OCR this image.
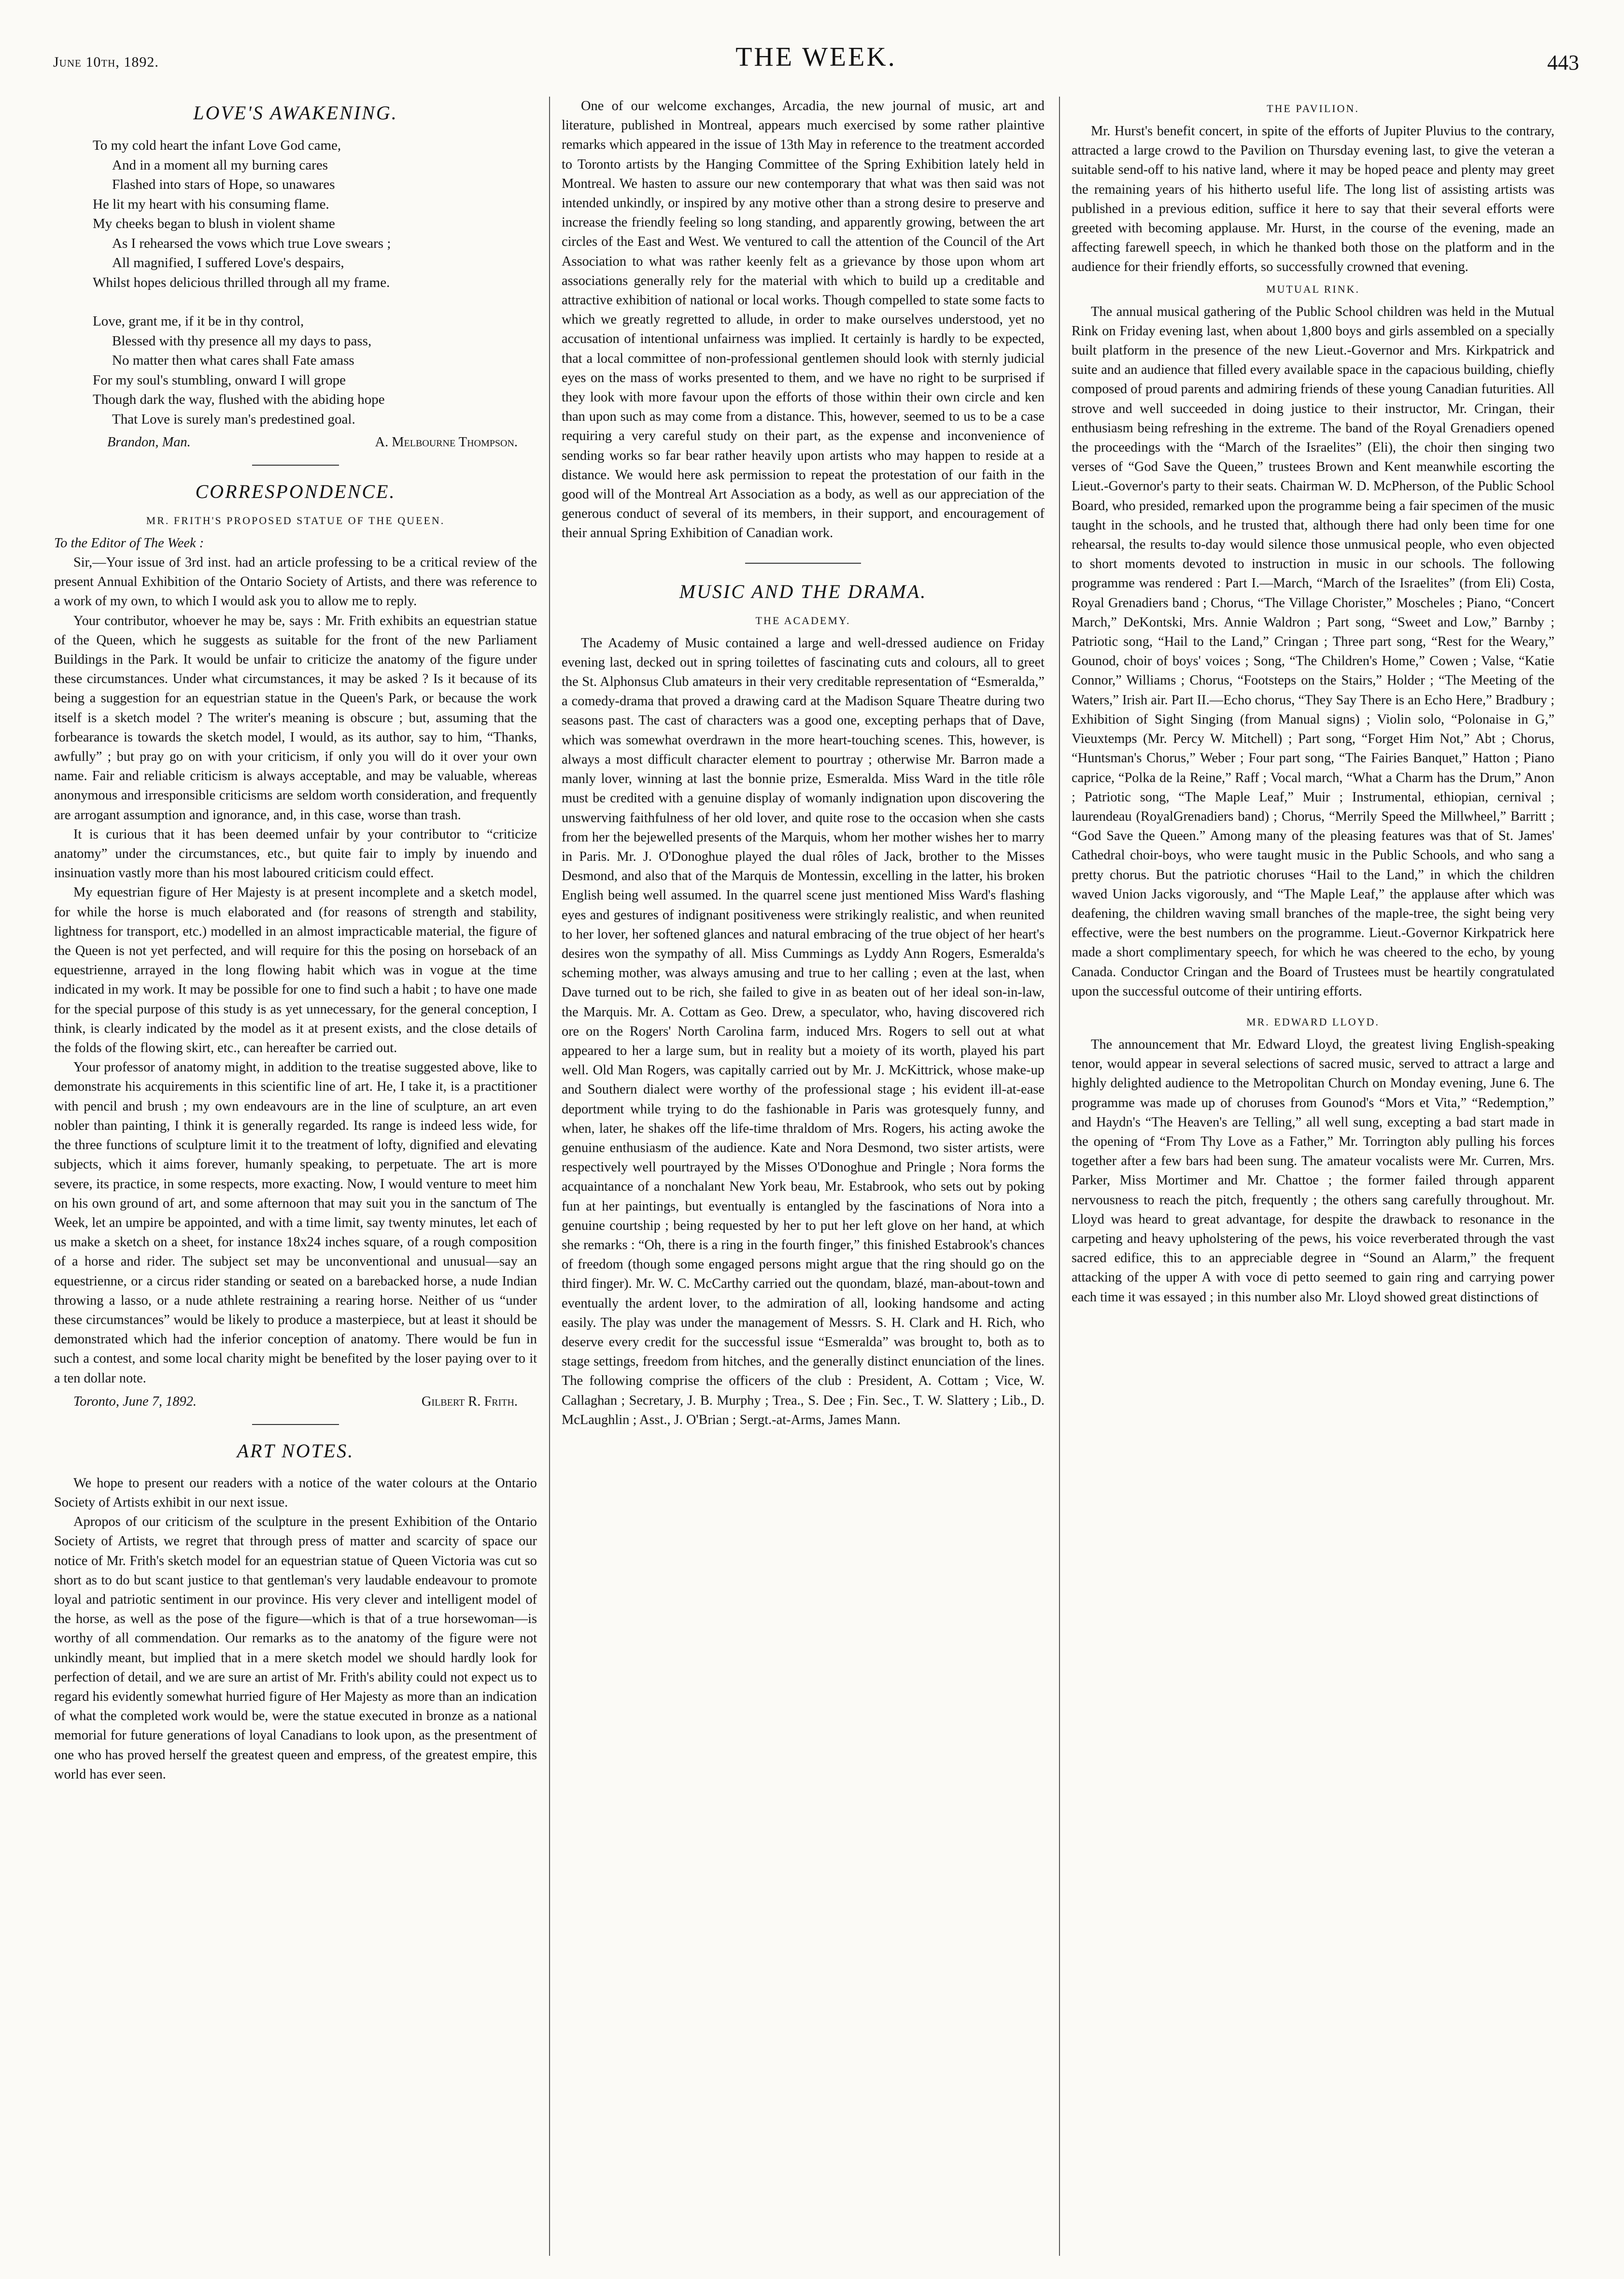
June 10th, 1892.	THE WEEK.	443
LOVE'S AWAKENING.
To my cold heart the infant Love God came,
And in a moment all my burning cares
Flashed into stars of Hope, so unawares
He lit my heart with his consuming flame.
My cheeks began to blush in violent shame
As I rehearsed the vows which true Love swears ;
All magnified, I suffered Love's despairs,
Whilst hopes delicious thrilled through all my frame.
Love, grant me, if it be in thy control,
Blessed with thy presence all my days to pass,
No matter then what cares shall Fate amass
For my soul's stumbling, onward I will grope
Though dark the way, flushed with the abiding hope
That Love is surely man's predestined goal.
Brandon, Man.	A. Melbourne Thompson.
CORRESPONDENCE.
MR. FRITH'S PROPOSED STATUE OF THE QUEEN.
To the Editor of The Week :

Sir,—Your issue of 3rd inst. had an article professing to be a critical review of the present Annual Exhibition of the Ontario Society of Artists, and there was reference to a work of my own, to which I would ask you to allow me to reply.

Your contributor, whoever he may be, says : Mr. Frith exhibits an equestrian statue of the Queen, which he suggests as suitable for the front of the new Parliament Buildings in the Park. It would be unfair to criticize the anatomy of the figure under these circumstances. Under what circumstances, it may be asked ? Is it because of its being a suggestion for an equestrian statue in the Queen's Park, or because the work itself is a sketch model ? The writer's meaning is obscure ; but, assuming that the forbearance is towards the sketch model, I would, as its author, say to him, “Thanks, awfully” ; but pray go on with your criticism, if only you will do it over your own name. Fair and reliable criticism is always acceptable, and may be valuable, whereas anonymous and irresponsible criticisms are seldom worth consideration, and frequently are arrogant assumption and ignorance, and, in this case, worse than trash.

It is curious that it has been deemed unfair by your contributor to “criticize anatomy” under the circumstances, etc., but quite fair to imply by inuendo and insinuation vastly more than his most laboured criticism could effect.

My equestrian figure of Her Majesty is at present incomplete and a sketch model, for while the horse is much elaborated and (for reasons of strength and stability, lightness for transport, etc.) modelled in an almost impracticable material, the figure of the Queen is not yet perfected, and will require for this the posing on horseback of an equestrienne, arrayed in the long flowing habit which was in vogue at the time indicated in my work. It may be possible for one to find such a habit ; to have one made for the special purpose of this study is as yet unnecessary, for the general conception, I think, is clearly indicated by the model as it at present exists, and the close details of the folds of the flowing skirt, etc., can hereafter be carried out.

Your professor of anatomy might, in addition to the treatise suggested above, like to demonstrate his acquirements in this scientific line of art. He, I take it, is a practitioner with pencil and brush ; my own endeavours are in the line of sculpture, an art even nobler than painting, I think it is generally regarded. Its range is indeed less wide, for the three functions of sculpture limit it to the treatment of lofty, dignified and elevating subjects, which it aims forever, humanly speaking, to perpetuate. The art is more severe, its practice, in some respects, more exacting. Now, I would venture to meet him on his own ground of art, and some afternoon that may suit you in the sanctum of The Week, let an umpire be appointed, and with a time limit, say twenty minutes, let each of us make a sketch on a sheet, for instance 18x24 inches square, of a rough composition of a horse and rider. The subject set may be unconventional and unusual—say an equestrienne, or a circus rider standing or seated on a barebacked horse, a nude Indian throwing a lasso, or a nude athlete restraining a rearing horse. Neither of us “under these circumstances” would be likely to produce a masterpiece, but at least it should be demonstrated which had the inferior conception of anatomy. There would be fun in such a contest, and some local charity might be benefited by the loser paying over to it a ten dollar note.

Toronto, June 7, 1892.	Gilbert R. Frith.
ART NOTES.

We hope to present our readers with a notice of the water colours at the Ontario Society of Artists exhibit in our next issue.

Apropos of our criticism of the sculpture in the present Exhibition of the Ontario Society of Artists, we regret that through press of matter and scarcity of space our notice of Mr. Frith's sketch model for an equestrian statue of Queen Victoria was cut so short as to do but scant justice to that gentleman's very laudable endeavour to promote loyal and patriotic sentiment in our province. His very clever and intelligent model of the horse, as well as the pose of the figure—which is that of a true horsewoman—is worthy of all commendation. Our remarks as to the anatomy of the figure were not unkindly meant, but implied that in a mere sketch model we should hardly look for perfection of detail, and we are sure an artist of Mr. Frith's ability could not expect us to regard his evidently somewhat hurried figure of Her Majesty as more than an indication of what the completed work would be, were the statue executed in bronze as a national memorial for future generations of loyal Canadians to look upon, as the presentment of one who has proved herself the greatest queen and empress, of the greatest empire, this world has ever seen.

One of our welcome exchanges, Arcadia, the new journal of music, art and literature, published in Montreal, appears much exercised by some rather plaintive remarks which appeared in the issue of 13th May in reference to the treatment accorded to Toronto artists by the Hanging Committee of the Spring Exhibition lately held in Montreal. We hasten to assure our new contemporary that what was then said was not intended unkindly, or inspired by any motive other than a strong desire to preserve and increase the friendly feeling so long standing, and apparently growing, between the art circles of the East and West. We ventured to call the attention of the Council of the Art Association to what was rather keenly felt as a grievance by those upon whom art associations generally rely for the material with which to build up a creditable and attractive exhibition of national or local works. Though compelled to state some facts to which we greatly regretted to allude, in order to make ourselves understood, yet no accusation of intentional unfairness was implied. It certainly is hardly to be expected, that a local committee of non-professional gentlemen should look with sternly judicial eyes on the mass of works presented to them, and we have no right to be surprised if they look with more favour upon the efforts of those within their own circle and ken than upon such as may come from a distance. This, however, seemed to us to be a case requiring a very careful study on their part, as the expense and inconvenience of sending works so far bear rather heavily upon artists who may happen to reside at a distance. We would here ask permission to repeat the protestation of our faith in the good will of the Montreal Art Association as a body, as well as our appreciation of the generous conduct of several of its members, in their support, and encouragement of their annual Spring Exhibition of Canadian work.

MUSIC AND THE DRAMA.
THE ACADEMY.

The Academy of Music contained a large and well-dressed audience on Friday evening last, decked out in spring toilettes of fascinating cuts and colours, all to greet the St. Alphonsus Club amateurs in their very creditable representation of “Esmeralda,” a comedy-drama that proved a drawing card at the Madison Square Theatre during two seasons past. The cast of characters was a good one, excepting perhaps that of Dave, which was somewhat overdrawn in the more heart-touching scenes. This, however, is always a most difficult character element to pourtray ; otherwise Mr. Barron made a manly lover, winning at last the bonnie prize, Esmeralda. Miss Ward in the title rôle must be credited with a genuine display of womanly indignation upon discovering the unswerving faithfulness of her old lover, and quite rose to the occasion when she casts from her the bejewelled presents of the Marquis, whom her mother wishes her to marry in Paris. Mr. J. O'Donoghue played the dual rôles of Jack, brother to the Misses Desmond, and also that of the Marquis de Montessin, excelling in the latter, his broken English being well assumed. In the quarrel scene just mentioned Miss Ward's flashing eyes and gestures of indignant positiveness were strikingly realistic, and when reunited to her lover, her softened glances and natural embracing of the true object of her heart's desires won the sympathy of all. Miss Cummings as Lyddy Ann Rogers, Esmeralda's scheming mother, was always amusing and true to her calling ; even at the last, when Dave turned out to be rich, she failed to give in as beaten out of her ideal son-in-law, the Marquis. Mr. A. Cottam as Geo. Drew, a speculator, who, having discovered rich ore on the Rogers' North Carolina farm, induced Mrs. Rogers to sell out at what appeared to her a large sum, but in reality but a moiety of its worth, played his part well. Old Man Rogers, was capitally carried out by Mr. J. McKittrick, whose make-up and Southern dialect were worthy of the professional stage ; his evident ill-at-ease deportment while trying to do the fashionable in Paris was grotesquely funny, and when, later, he shakes off the life-time thraldom of Mrs. Rogers, his acting awoke the genuine enthusiasm of the audience. Kate and Nora Desmond, two sister artists, were respectively well pourtrayed by the Misses O'Donoghue and Pringle ; Nora forms the acquaintance of a nonchalant New York beau, Mr. Estabrook, who sets out by poking fun at her paintings, but eventually is entangled by the fascinations of Nora into a genuine courtship ; being requested by her to put her left glove on her hand, at which she remarks : “Oh, there is a ring in the fourth finger,” this finished Estabrook's chances of freedom (though some engaged persons might argue that the ring should go on the third finger). Mr. W. C. McCarthy carried out the quondam, blazé, man-about-town and eventually the ardent lover, to the admiration of all, looking handsome and acting easily. The play was under the management of Messrs. S. H. Clark and H. Rich, who deserve every credit for the successful issue “Esmeralda” was brought to, both as to stage settings, freedom from hitches, and the generally distinct enunciation of the lines. The following comprise the officers of the club : President, A. Cottam ; Vice, W. Callaghan ; Secretary, J. B. Murphy ; Trea., S. Dee ; Fin. Sec., T. W. Slattery ; Lib., D. McLaughlin ; Asst., J. O'Brian ; Sergt.-at-Arms, James Mann.

THE PAVILION.

Mr. Hurst's benefit concert, in spite of the efforts of Jupiter Pluvius to the contrary, attracted a large crowd to the Pavilion on Thursday evening last, to give the veteran a suitable send-off to his native land, where it may be hoped peace and plenty may greet the remaining years of his hitherto useful life. The long list of assisting artists was published in a previous edition, suffice it here to say that their several efforts were greeted with becoming applause. Mr. Hurst, in the course of the evening, made an affecting farewell speech, in which he thanked both those on the platform and in the audience for their friendly efforts, so successfully crowned that evening.

MUTUAL RINK.

The annual musical gathering of the Public School children was held in the Mutual Rink on Friday evening last, when about 1,800 boys and girls assembled on a specially built platform in the presence of the new Lieut.-Governor and Mrs. Kirkpatrick and suite and an audience that filled every available space in the capacious building, chiefly composed of proud parents and admiring friends of these young Canadian futurities. All strove and well succeeded in doing justice to their instructor, Mr. Cringan, their enthusiasm being refreshing in the extreme. The band of the Royal Grenadiers opened the proceedings with the “March of the Israelites” (Eli), the choir then singing two verses of “God Save the Queen,” trustees Brown and Kent meanwhile escorting the Lieut.-Governor's party to their seats. Chairman W. D. McPherson, of the Public School Board, who presided, remarked upon the programme being a fair specimen of the music taught in the schools, and he trusted that, although there had only been time for one rehearsal, the results to-day would silence those unmusical people, who even objected to short moments devoted to instruction in music in our schools. The following programme was rendered : Part I.—March, “March of the Israelites” (from Eli) Costa, Royal Grenadiers band ; Chorus, “The Village Chorister,” Moscheles ; Piano, “Concert March,” DeKontski, Mrs. Annie Waldron ; Part song, “Sweet and Low,” Barnby ; Patriotic song, “Hail to the Land,” Cringan ; Three part song, “Rest for the Weary,” Gounod, choir of boys' voices ; Song, “The Children's Home,” Cowen ; Valse, “Katie Connor,” Williams ; Chorus, “Footsteps on the Stairs,” Holder ; “The Meeting of the Waters,” Irish air. Part II.—Echo chorus, “They Say There is an Echo Here,” Bradbury ; Exhibition of Sight Singing (from Manual signs) ; Violin solo, “Polonaise in G,” Vieuxtemps (Mr. Percy W. Mitchell) ; Part song, “Forget Him Not,” Abt ; Chorus, “Huntsman's Chorus,” Weber ; Four part song, “The Fairies Banquet,” Hatton ; Piano caprice, “Polka de la Reine,” Raff ; Vocal march, “What a Charm has the Drum,” Anon ; Patriotic song, “The Maple Leaf,” Muir ; Instrumental, ethiopian, cernival ; laurendeau (RoyalGrenadiers band) ; Chorus, “Merrily Speed the Millwheel,” Barritt ; “God Save the Queen.” Among many of the pleasing features was that of St. James' Cathedral choir-boys, who were taught music in the Public Schools, and who sang a pretty chorus. But the patriotic choruses “Hail to the Land,” in which the children waved Union Jacks vigorously, and “The Maple Leaf,” the applause after which was deafening, the children waving small branches of the maple-tree, the sight being very effective, were the best numbers on the programme. Lieut.-Governor Kirkpatrick here made a short complimentary speech, for which he was cheered to the echo, by young Canada. Conductor Cringan and the Board of Trustees must be heartily congratulated upon the successful outcome of their untiring efforts.

MR. EDWARD LLOYD.

The announcement that Mr. Edward Lloyd, the greatest living English-speaking tenor, would appear in several selections of sacred music, served to attract a large and highly delighted audience to the Metropolitan Church on Monday evening, June 6. The programme was made up of choruses from Gounod's “Mors et Vita,” “Redemption,” and Haydn's “The Heaven's are Telling,” all well sung, excepting a bad start made in the opening of “From Thy Love as a Father,” Mr. Torrington ably pulling his forces together after a few bars had been sung. The amateur vocalists were Mr. Curren, Mrs. Parker, Miss Mortimer and Mr. Chattoe ; the former failed through apparent nervousness to reach the pitch, frequently ; the others sang carefully throughout. Mr. Lloyd was heard to great advantage, for despite the drawback to resonance in the carpeting and heavy upholstering of the pews, his voice reverberated through the vast sacred edifice, this to an appreciable degree in “Sound an Alarm,” the frequent attacking of the upper A with voce di petto seemed to gain ring and carrying power each time it was essayed ; in this number also Mr. Lloyd showed great distinctions of
